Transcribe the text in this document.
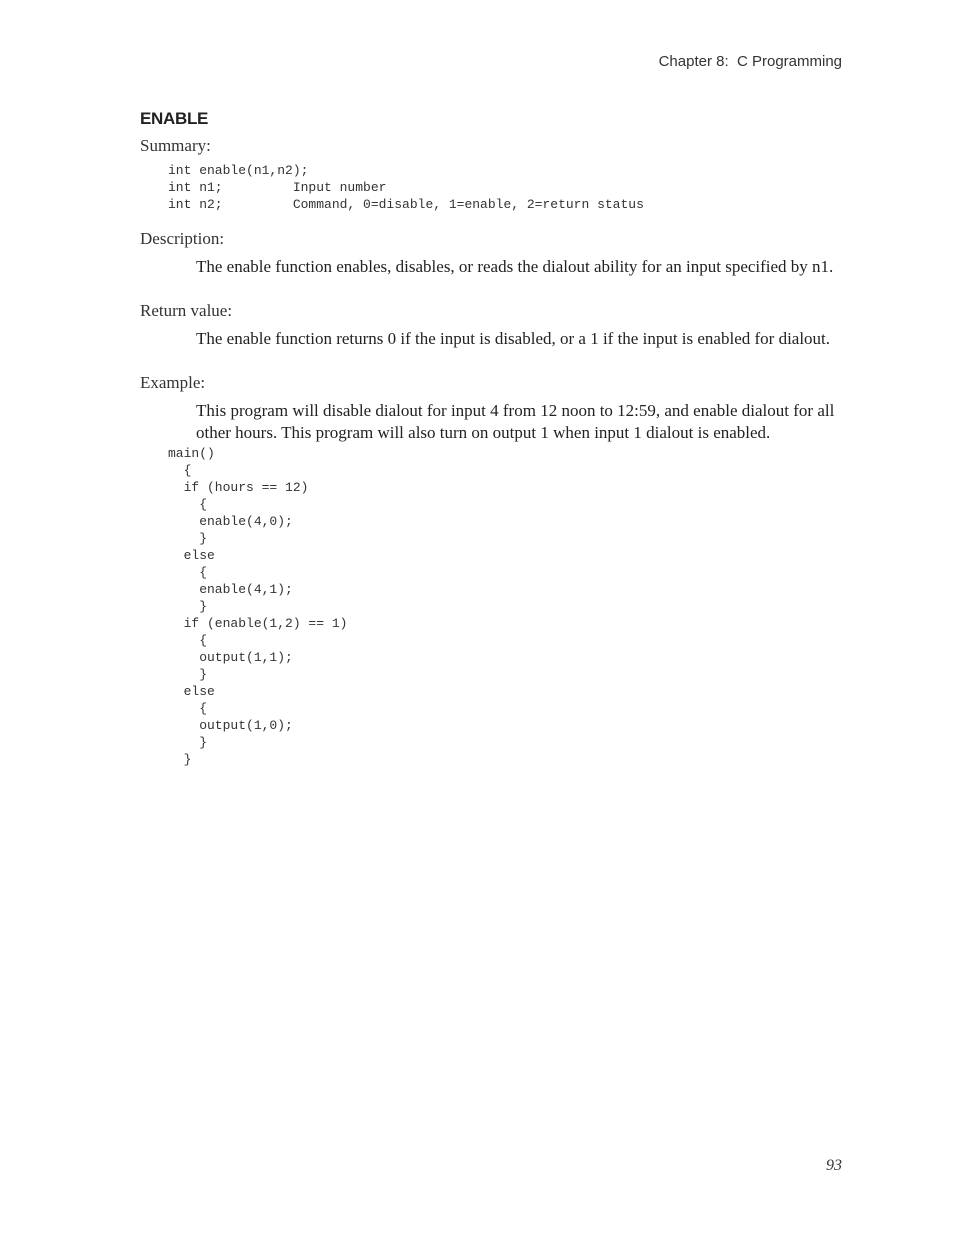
Chapter 8:  C Programming
ENABLE

Summary:

int enable(n1,n2);
int n1;         Input number
int n2;         Command, 0=disable, 1=enable, 2=return status

Description:

The enable function enables, disables, or reads the dialout ability for an input specified by n1.

Return value:

The enable function returns 0 if the input is disabled, or a 1 if the input is enabled for dialout.

Example:

This program will disable dialout for input 4 from 12 noon to 12:59, and enable dialout for all other hours. This program will also turn on output 1 when input 1 dialout is enabled.

main()
{
if (hours == 12)
{
enable(4,0);
}
else
{
enable(4,1);
}
if (enable(1,2) == 1)
{
output(1,1);
}
else
{
output(1,0);
}
}
93
